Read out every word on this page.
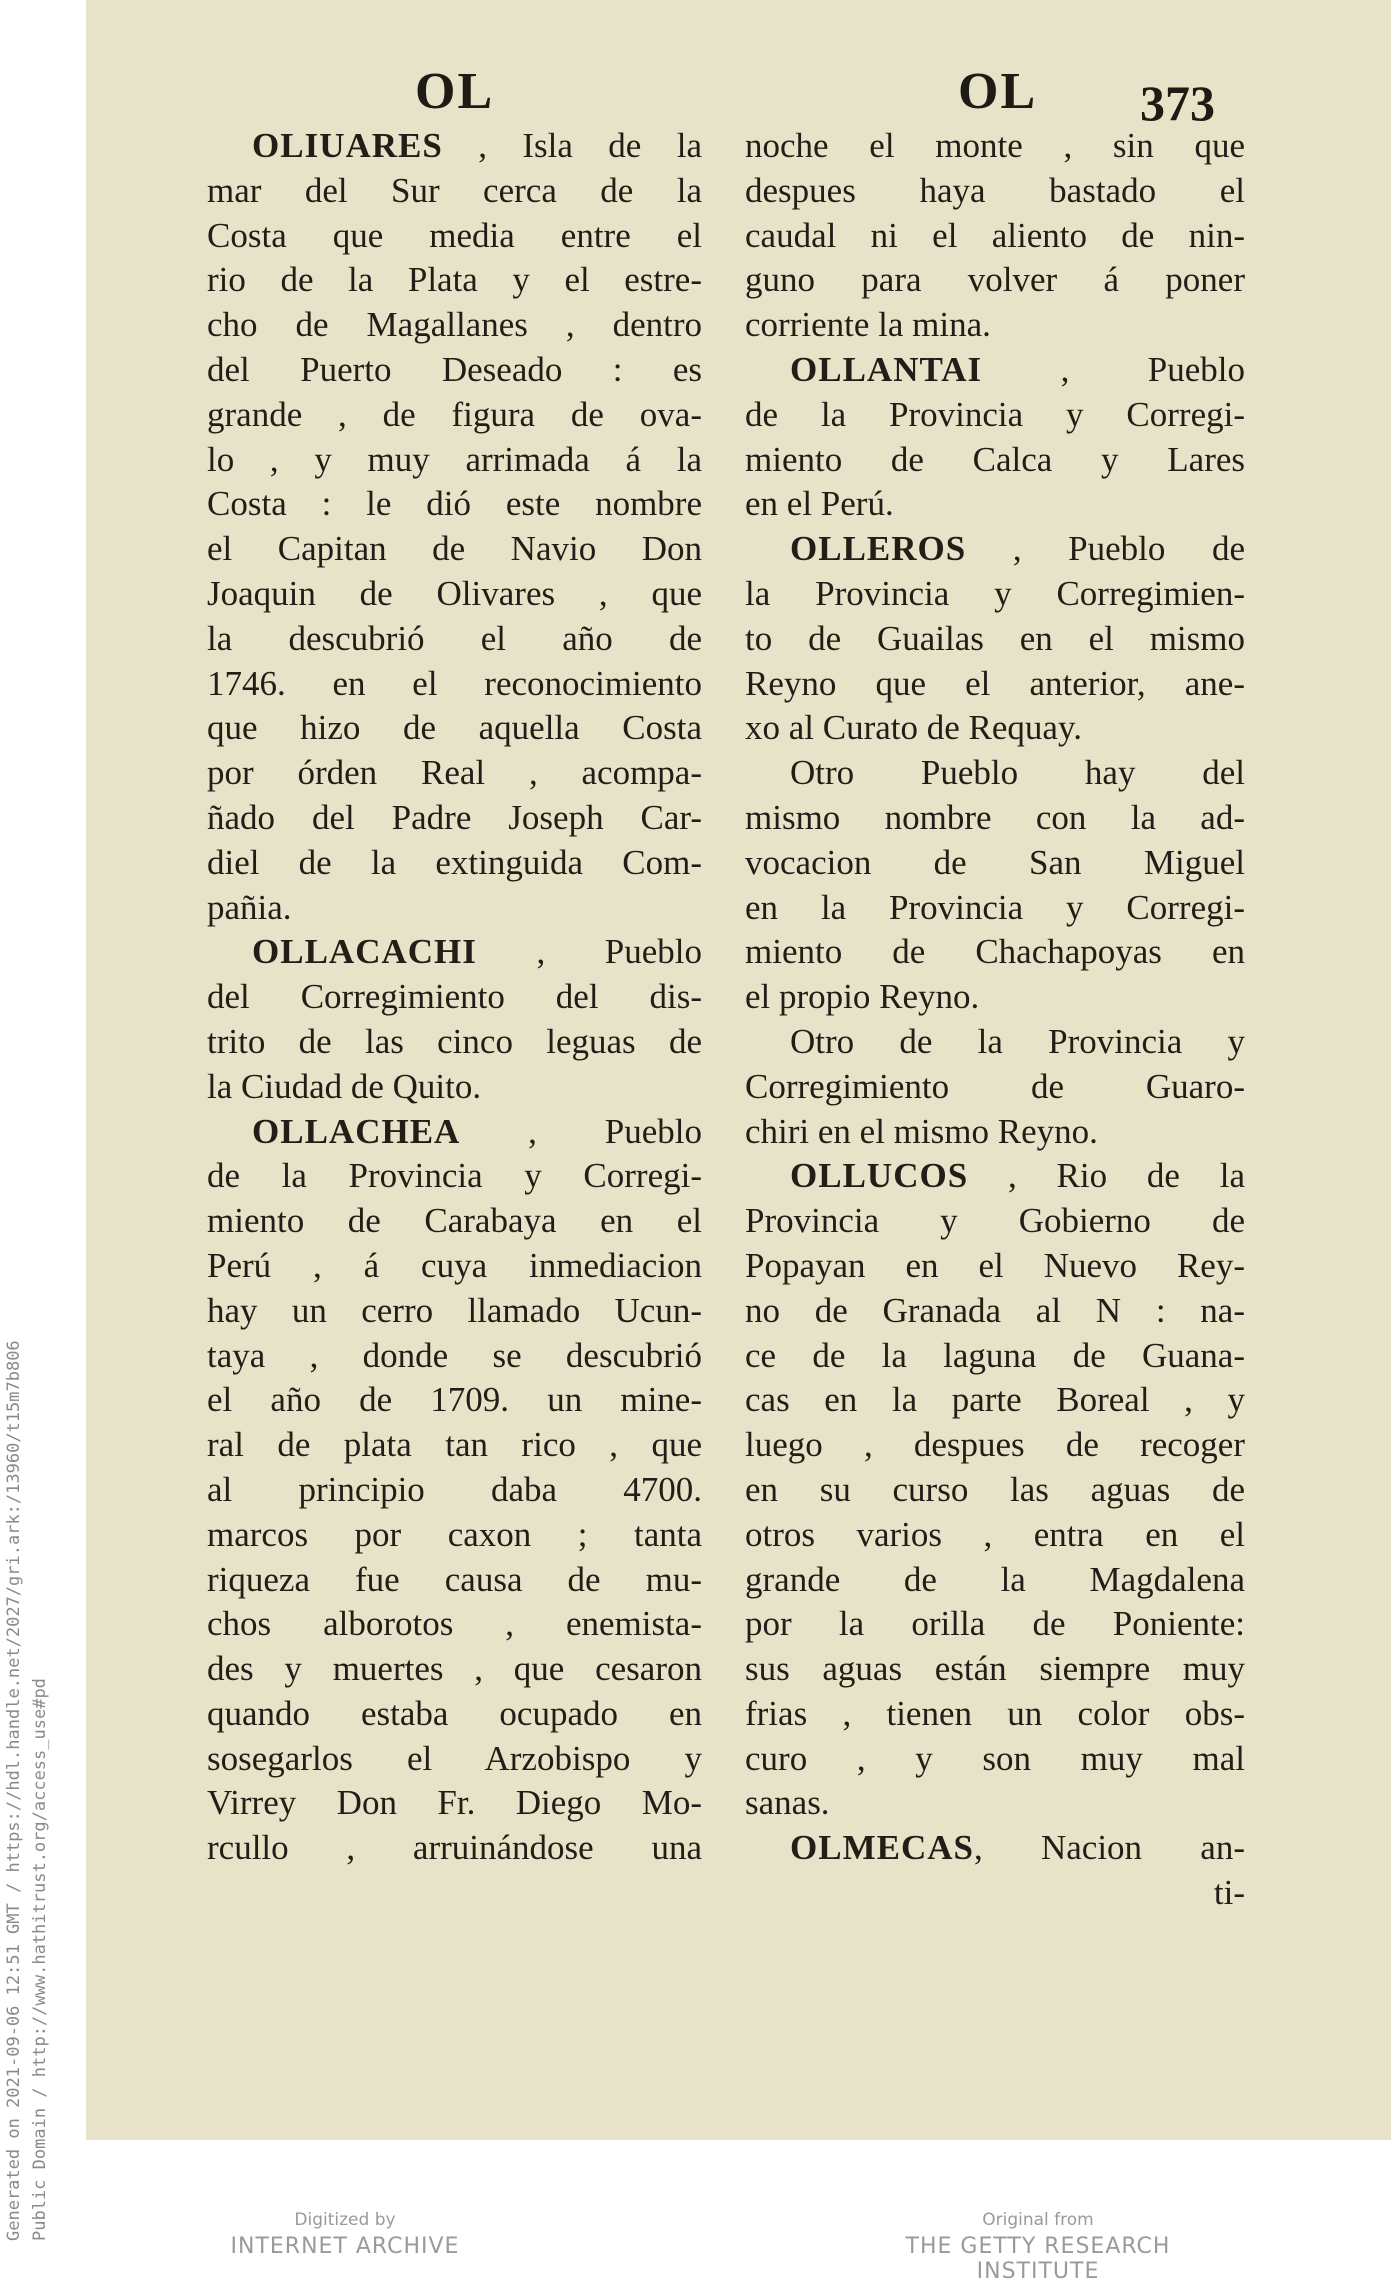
Generated on 2021-09-06 12:51 GMT / https://hdl.handle.net/2027/gri.ark:/13960/t15m7b806 Public Domain / http://www.hathitrust.org/access_use#pd
OL	OL 373
OLIUARES , Isla de la
mar del Sur cerca de la
Costa que media entre el
rio de la Plata y el estre-
cho de Magallanes , dentro
del Puerto Deseado : es
grande , de figura de ova-
lo , y muy arrimada á la
Costa : le dió este nombre
el Capitan de Navio Don
Joaquin de Olivares , que
la descubrió el año de
1746. en el reconocimiento
que hizo de aquella Costa
por órden Real , acompa-
ñado del Padre Joseph Car-
diel de la extinguida Com-
pañia.
OLLACACHI , Pueblo
del Corregimiento del dis-
trito de las cinco leguas de
la Ciudad de Quito.
OLLACHEA , Pueblo
de la Provincia y Corregi-
miento de Carabaya en el
Perú , á cuya inmediacion
hay un cerro llamado Ucun-
taya , donde se descubrió
el año de 1709. un mine-
ral de plata tan rico , que
al principio daba 4700.
marcos por caxon ; tanta
riqueza fue causa de mu-
chos alborotos , enemista-
des y muertes , que cesaron
quando estaba ocupado en
sosegarlos el Arzobispo y
Virrey Don Fr. Diego Mo-
rcullo , arruinándose una
noche el monte , sin que
despues haya bastado el
caudal ni el aliento de nin-
guno para volver á poner
corriente la mina.
OLLANTAI , Pueblo
de la Provincia y Corregi-
miento de Calca y Lares
en el Perú.
OLLEROS , Pueblo de
la Provincia y Corregimien-
to de Guailas en el mismo
Reyno que el anterior, ane-
xo al Curato de Requay.
Otro Pueblo hay del
mismo nombre con la ad-
vocacion de San Miguel
en la Provincia y Corregi-
miento de Chachapoyas en
el propio Reyno.
Otro de la Provincia y
Corregimiento de Guaro-
chiri en el mismo Reyno.
OLLUCOS , Rio de la
Provincia y Gobierno de
Popayan en el Nuevo Rey-
no de Granada al N : na-
ce de la laguna de Guana-
cas en la parte Boreal , y
luego , despues de recoger
en su curso las aguas de
otros varios , entra en el
grande de la Magdalena
por la orilla de Poniente:
sus aguas están siempre muy
frias , tienen un color obs-
curo , y son muy mal
sanas.
OLMECAS, Nacion an-
ti-
Digitized by
INTERNET ARCHIVE
Original from
THE GETTY RESEARCH INSTITUTE
